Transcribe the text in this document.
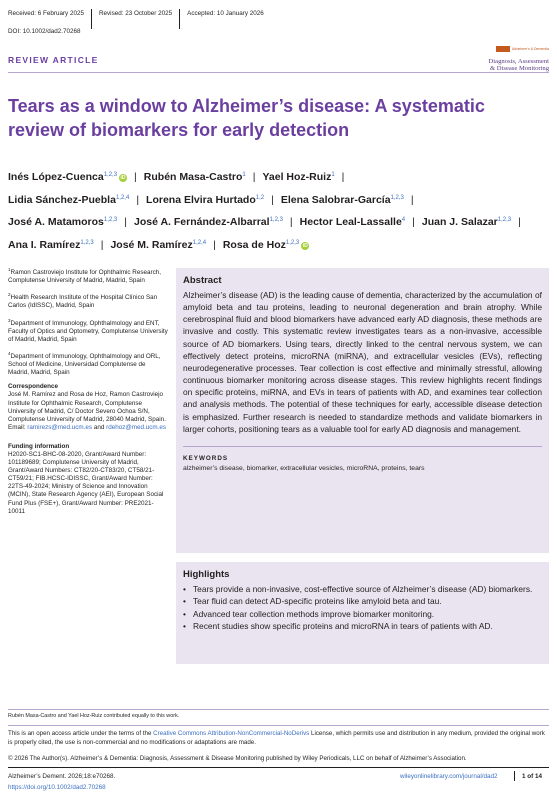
Received: 6 February 2025	Revised: 23 October 2025	Accepted: 10 January 2026
DOI: 10.1002/dad2.70268
Alzheimer's & Dementia
Diagnosis, Assessment
& Disease Monitoring
REVIEW ARTICLE
Tears as a window to Alzheimer’s disease: A systematic review of biomarkers for early detection
Inés López-Cuenca$^{1,2,3}$ iD | Rubén Masa-Castro$^1$ | Yael Hoz-Ruiz$^1$ |
Lidia Sánchez-Puebla$^{1,2,4}$ | Lorena Elvira Hurtado$^{1,2}$ | Elena Salobrar-García$^{1,2,3}$ |
José A. Matamoros$^{1,2,3}$ | José A. Fernández-Albarral$^{1,2,3}$ | Hector Leal-Lassalle$^4$ | Juan J. Salazar$^{1,2,3}$ |
Ana I. Ramírez$^{1,2,3}$ | José M. Ramírez$^{1,2,4}$ | Rosa de Hoz$^{1,2,3}$ iD
$^1$Ramon Castroviejo Institute for Ophthalmic Research, Complutense University of Madrid, Madrid, Spain
$^2$Health Research Institute of the Hospital Clínico San Carlos (IdISSC), Madrid, Spain
$^3$Department of Immunology, Ophthalmology and ENT, Faculty of Optics and Optometry, Complutense University of Madrid, Madrid, Spain
$^4$Department of Immunology, Ophthalmology and ORL, School of Medicine, Universidad Complutense de Madrid, Madrid, Spain
Correspondence
José M. Ramírez and Rosa de Hoz, Ramon Castroviejo Institute for Ophthalmic Research, Complutense University of Madrid, C/ Doctor Severo Ochoa S/N, Complutense University of Madrid, 28040 Madrid, Spain.
Email: ramirezs@med.ucm.es and rdehoz@med.ucm.es
Funding information
H2020-SC1-BHC-08-2020, Grant/Award Number: 101189689; Complutense University of Madrid, Grant/Award Numbers: CT82/20-CT83/20, CT58/21-CT59/21; FIB.HCSC-IDISSC, Grant/Award Number: 22TS-49-2024; Ministry of Science and Innovation (MCIN), State Research Agency (AEI), European Social Fund Plus (FSE+), Grant/Award Number: PRE2021-10011
Abstract

Alzheimer’s disease (AD) is the leading cause of dementia, characterized by the accumulation of amyloid beta and tau proteins, leading to neuronal degeneration and brain atrophy. While cerebrospinal fluid and blood biomarkers have advanced early AD diagnosis, these methods are invasive and costly. This systematic review investigates tears as a non-invasive, accessible source of AD biomarkers. Using tears, directly linked to the central nervous system, we can effectively detect proteins, microRNA (miRNA), and extracellular vesicles (EVs), reflecting neurodegenerative processes. Tear collection is cost effective and minimally stressful, allowing continuous biomarker monitoring across disease stages. This review highlights recent findings on specific proteins, miRNA, and EVs in tears of patients with AD, and examines tear collection and analysis methods. The potential of these techniques for early, accessible disease detection is emphasized. Further research is needed to standardize methods and validate biomarkers in larger cohorts, positioning tears as a valuable tool for early AD diagnosis and management.

KEYWORDS
alzheimer’s disease, biomarker, extracellular vesicles, microRNA, proteins, tears
Highlights
• Tears provide a non-invasive, cost-effective source of Alzheimer’s disease (AD) biomarkers.
• Tear fluid can detect AD-specific proteins like amyloid beta and tau.
• Advanced tear collection methods improve biomarker monitoring.
• Recent studies show specific proteins and microRNA in tears of patients with AD.
Rubén Masa-Castro and Yael Hoz-Ruiz contributed equally to this work.
This is an open access article under the terms of the Creative Commons Attribution-NonCommercial-NoDerivs License, which permits use and distribution in any medium, provided the original work is properly cited, the use is non-commercial and no modifications or adaptations are made.
© 2026 The Author(s). Alzheimer’s & Dementia: Diagnosis, Assessment & Disease Monitoring published by Wiley Periodicals, LLC on behalf of Alzheimer’s Association.
Alzheimer’s Dement. 2026;18:e70268.
https://doi.org/10.1002/dad2.70268
wileyonlinelibrary.com/journal/dad2	1 of 14
